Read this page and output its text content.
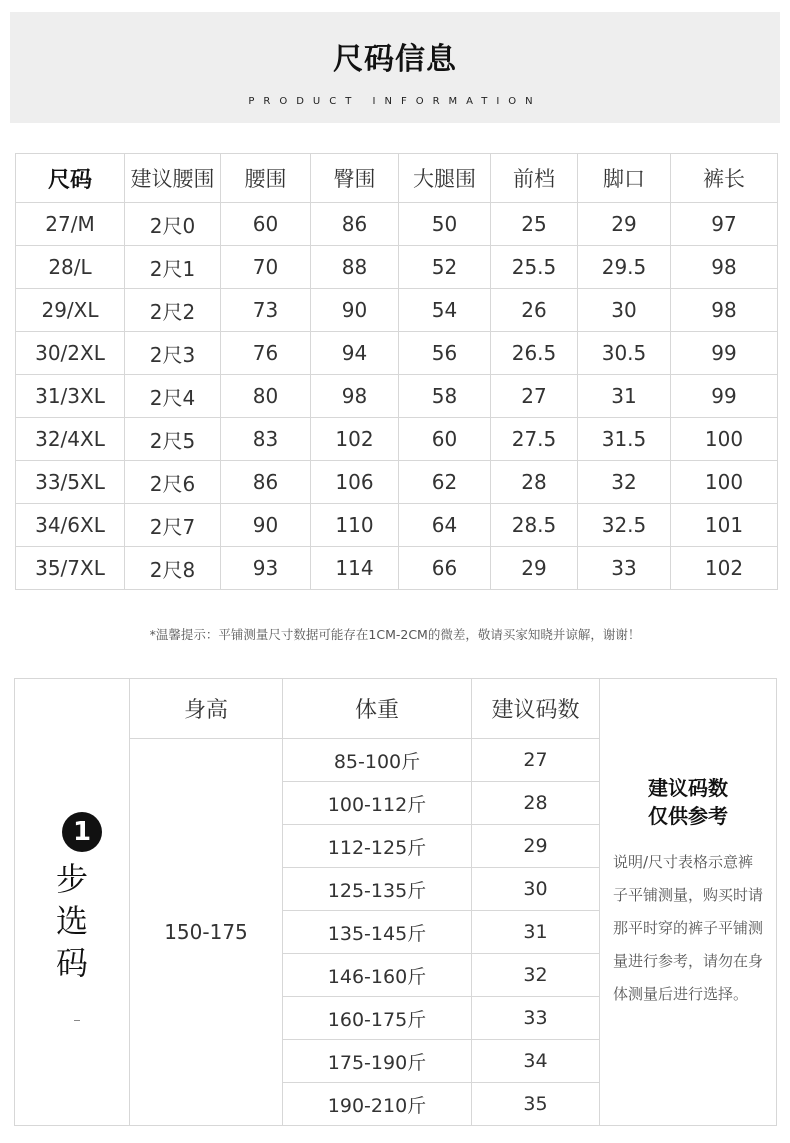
尺码信息
PRODUCT INFORMATION
尺码	建议腰围	腰围	臀围	大腿围	前档	脚口	裤长
27/M	2尺0	60	86	50	25	29	97
28/L	2尺1	70	88	52	25.5	29.5	98
29/XL	2尺2	73	90	54	26	30	98
30/2XL	2尺3	76	94	56	26.5	30.5	99
31/3XL	2尺4	80	98	58	27	31	99
32/4XL	2尺5	83	102	60	27.5	31.5	100
33/5XL	2尺6	86	106	62	28	32	100
34/6XL	2尺7	90	110	64	28.5	32.5	101
35/7XL	2尺8	93	114	66	29	33	102
*温馨提示：平铺测量尺寸数据可能存在1CM-2CM的微差，敬请买家知晓并谅解，谢谢！
1
步选码
身高	体重	建议码数
150-175	85-100斤	27
	100-112斤	28
	112-125斤	29
	125-135斤	30
	135-145斤	31
	146-160斤	32
	160-175斤	33
	175-190斤	34
	190-210斤	35
建议码数
仅供参考
说明/尺寸表格示意裤子平铺测量，购买时请那平时穿的裤子平铺测量进行参考，请勿在身体测量后进行选择。
